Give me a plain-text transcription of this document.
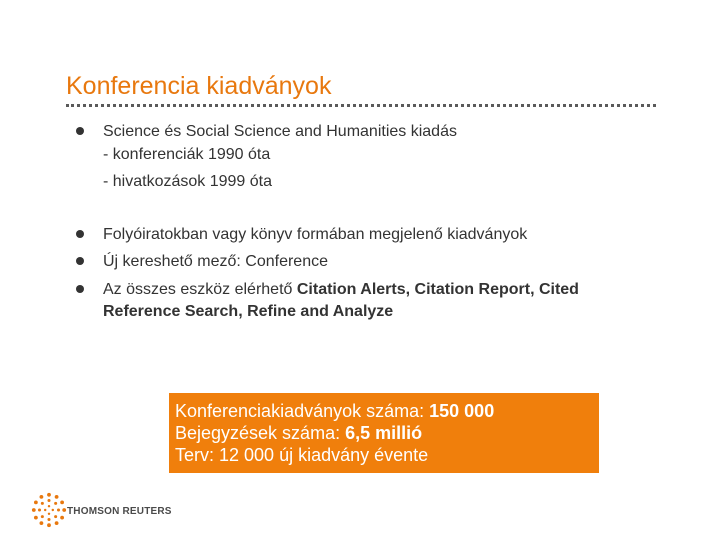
Konferencia kiadványok
Science és Social Science and Humanities kiadás
- konferenciák 1990 óta
- hivatkozások 1999 óta
Folyóiratokban vagy könyv formában megjelenő kiadványok
Új kereshető mező: Conference
Az összes eszköz elérhető Citation Alerts, Citation Report, Cited
Reference Search, Refine and Analyze
Konferenciakiadványok száma: 150 000
Bejegyzések száma: 6,5 millió
Terv: 12 000 új kiadvány évente
THOMSON REUTERS
